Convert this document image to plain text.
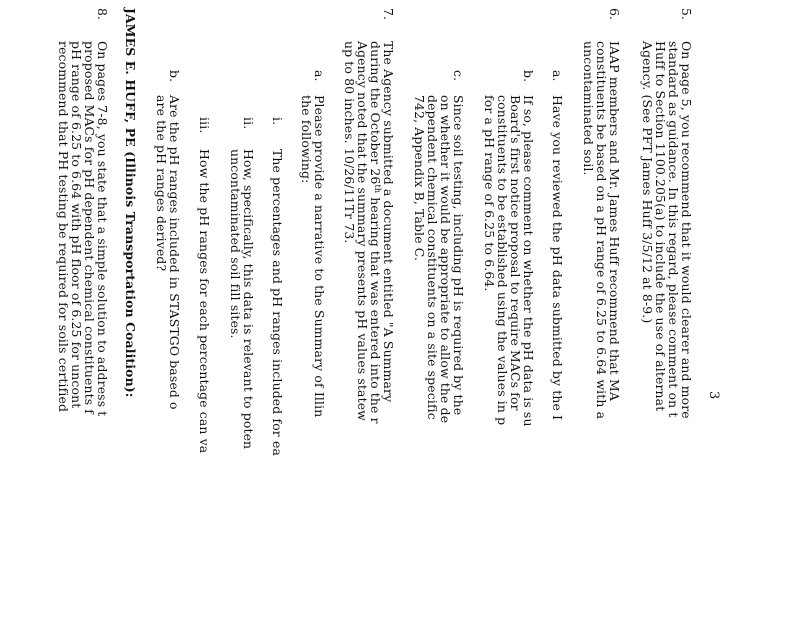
3
5.
On page 5, you recommend that it would clearer and more
standard as guidance. In this regard, please comment on t
Huff to Section 1100.205(a) to include the use of alternat
Agency. (See PFT James Huff 3/5/12 at 8-9.)
6.
IAAP members and Mr. James Huff recommend that MA
constituents be based on a pH range of 6.25 to 6.64 with a
uncontaminated soil.
a.
Have you reviewed the pH data submitted by the I
b.
If so, please comment on whether the pH data is su
Board's first notice proposal to require MACs for
constituents to be established using the values in p
for a pH range of 6.25 to 6.64.
c.
Since soil testing, including pH is required by the
on whether it would be appropriate to allow the de
dependent chemical constituents on a site specific
742, Appendix B, Table C.
7.
The Agency submitted a document entitled "A Summary
during the October 26th hearing that was entered into the r
Agency noted that the summary presents pH values statew
up to 80 inches. 10/26/11Tr 73.
a.
Please provide a narrative to the Summary of Illin
the following:
i.
The percentages and pH ranges included for ea
ii.
How, specifically, this data is relevant to poten
uncontaminated soil fill sites.
iii.
How the pH ranges for each percentage can va
b.
Are the pH ranges included in STASTGO based o
are the pH ranges derived?
JAMES E. HUFF, PE (Illinois Transportation Coalition):
8.
On pages 7-8, you state that a simple solution to address t
proposed MACs for pH dependent chemical constituents f
pH range of 6.25 to 6.64 with pH floor of 6.25 for uncont
recommend that PH testing be required for soils certified
